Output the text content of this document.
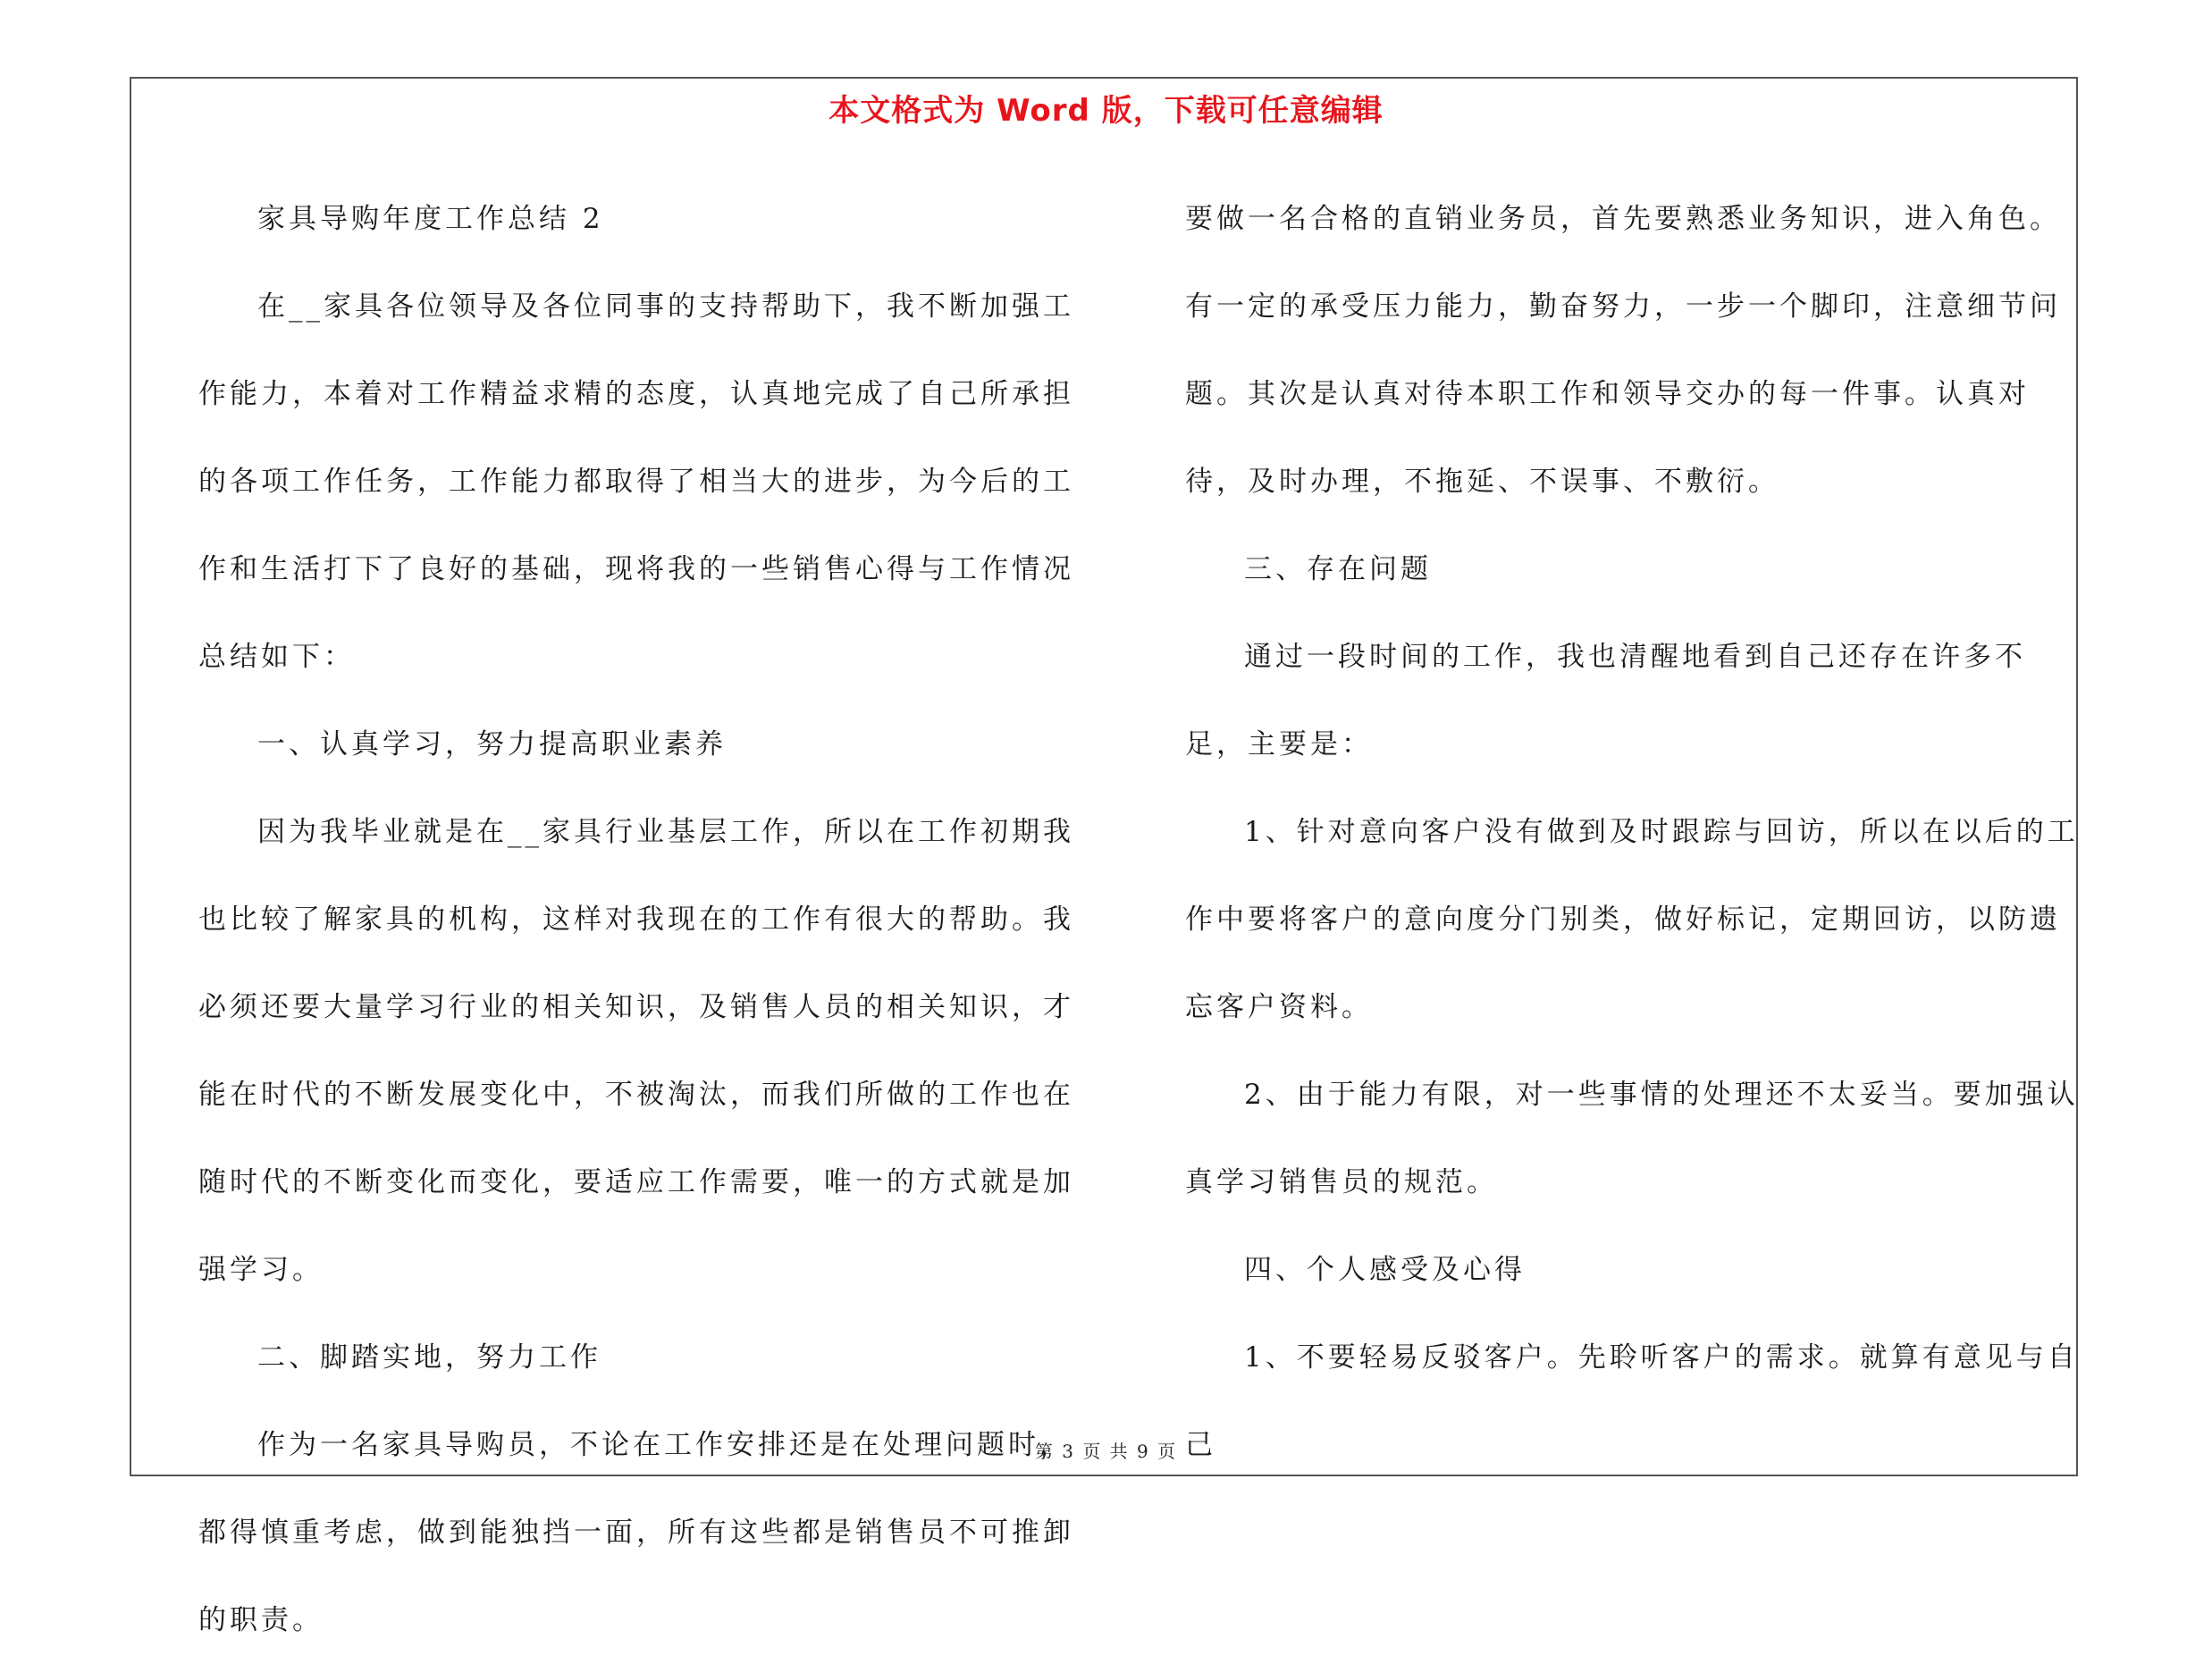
本文格式为 Word 版，下载可任意编辑

家具导购年度工作总结 2

在__家具各位领导及各位同事的支持帮助下，我不断加强工作能力，本着对工作精益求精的态度，认真地完成了自己所承担的各项工作任务，工作能力都取得了相当大的进步，为今后的工作和生活打下了良好的基础，现将我的一些销售心得与工作情况总结如下：

一、认真学习，努力提高职业素养

因为我毕业就是在__家具行业基层工作，所以在工作初期我也比较了解家具的机构，这样对我现在的工作有很大的帮助。我必须还要大量学习行业的相关知识，及销售人员的相关知识，才能在时代的不断发展变化中，不被淘汰，而我们所做的工作也在随时代的不断变化而变化，要适应工作需要，唯一的方式就是加强学习。

二、脚踏实地，努力工作

作为一名家具导购员，不论在工作安排还是在处理问题时，都得慎重考虑，做到能独挡一面，所有这些都是销售员不可推卸的职责。

要做一名合格的直销业务员，首先要熟悉业务知识，进入角色。有一定的承受压力能力，勤奋努力，一步一个脚印，注意细节问题。其次是认真对待本职工作和领导交办的每一件事。认真对待，及时办理，不拖延、不误事、不敷衍。

三、存在问题

通过一段时间的工作，我也清醒地看到自己还存在许多不足，主要是：

1、针对意向客户没有做到及时跟踪与回访，所以在以后的工作中要将客户的意向度分门别类，做好标记，定期回访，以防遗忘客户资料。

2、由于能力有限，对一些事情的处理还不太妥当。要加强认真学习销售员的规范。

四、个人感受及心得

1、不要轻易反驳客户。先聆听客户的需求。就算有意见与自己

第 3 页 共 9 页
